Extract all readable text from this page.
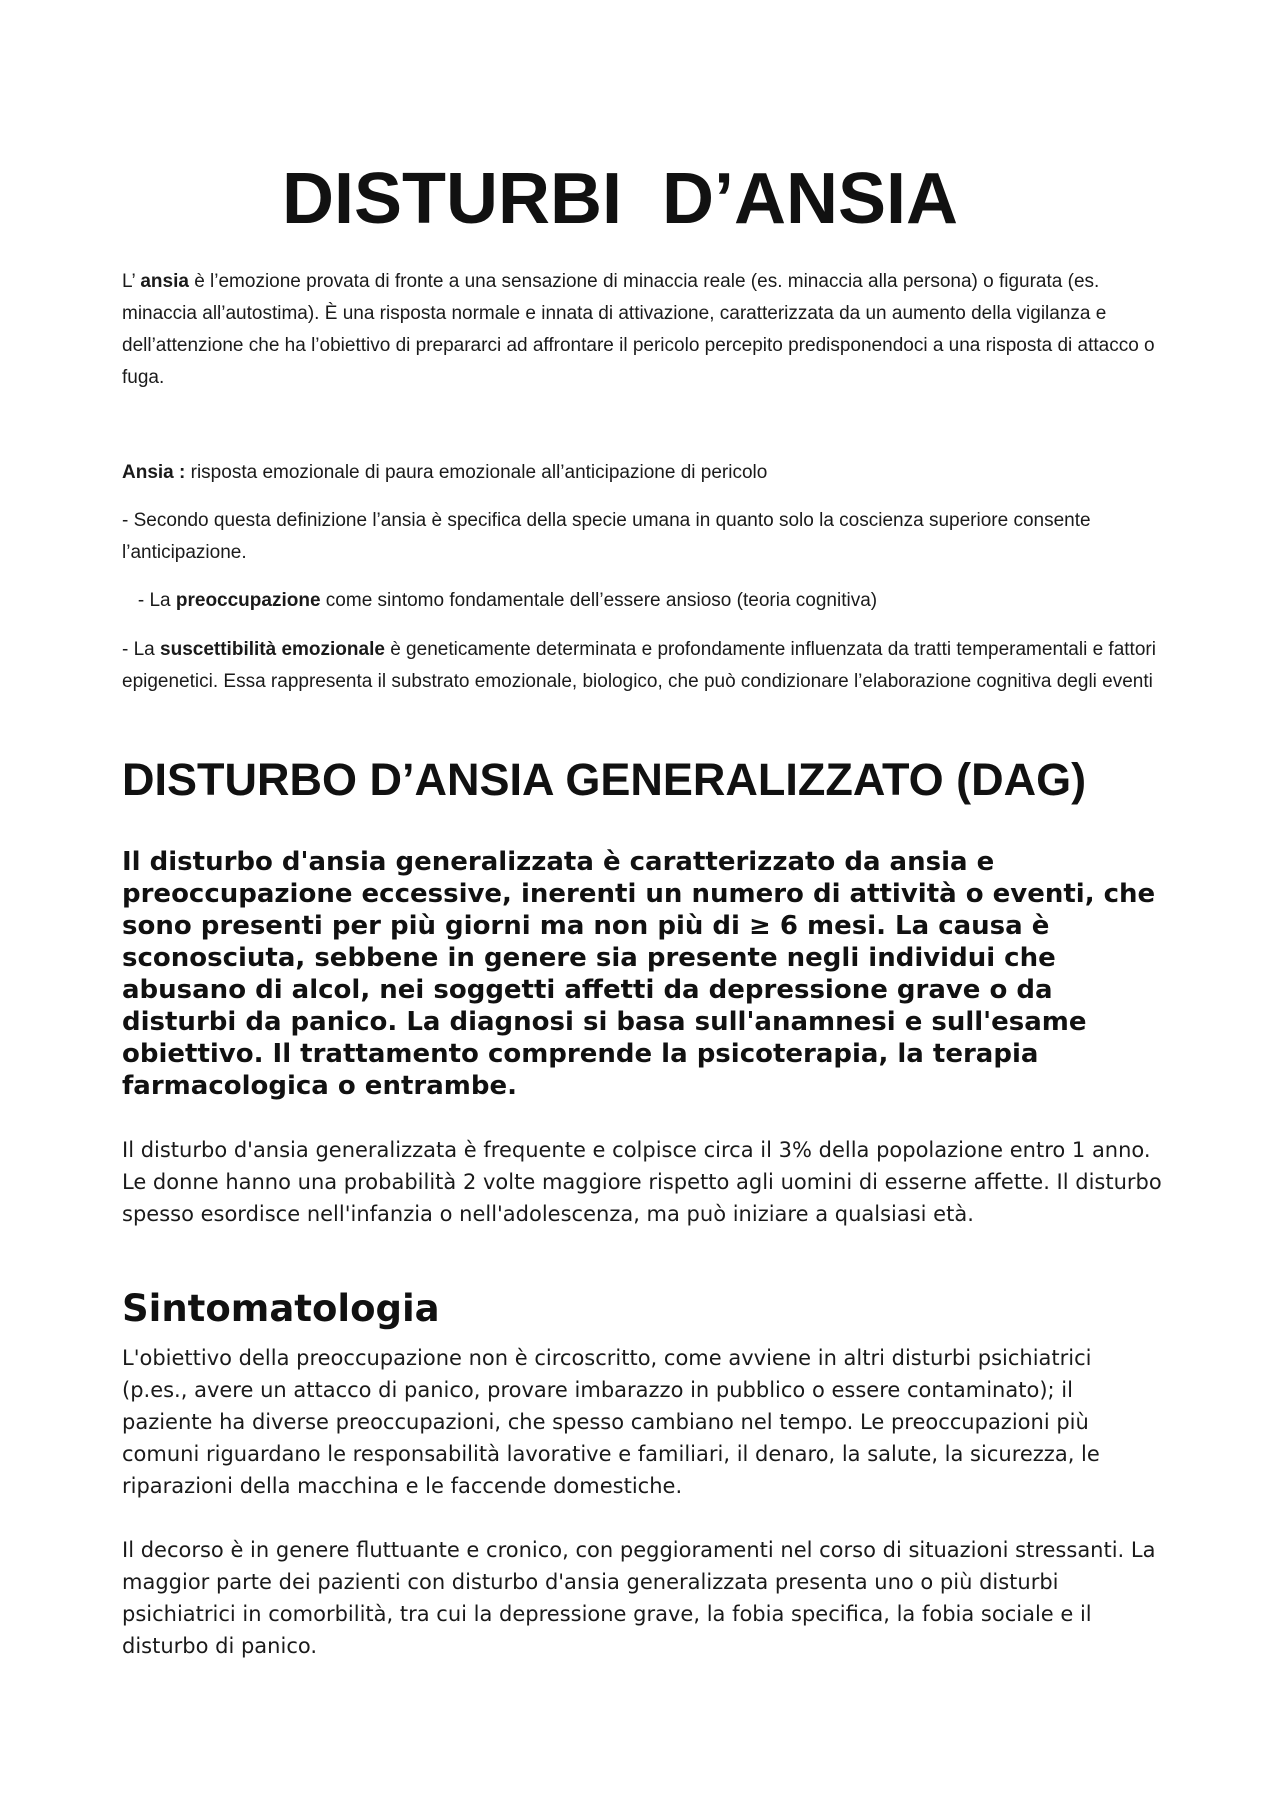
DISTURBI  D’ANSIA

L’ ansia è l’emozione provata di fronte a una sensazione di minaccia reale (es. minaccia alla persona) o figurata (es. minaccia all’autostima). È una risposta normale e innata di attivazione, caratterizzata da un aumento della vigilanza e dell’attenzione che ha l’obiettivo di prepararci ad affrontare il pericolo percepito predisponendoci a una risposta di attacco o fuga.

Ansia : risposta emozionale di paura emozionale all’anticipazione di pericolo

- Secondo questa definizione l’ansia è specifica della specie umana in quanto solo la coscienza superiore consente l’anticipazione.

- La preoccupazione come sintomo fondamentale dell’essere ansioso (teoria cognitiva)

- La suscettibilità emozionale è geneticamente determinata e profondamente influenzata da tratti temperamentali e fattori epigenetici. Essa rappresenta il substrato emozionale, biologico, che può condizionare l’elaborazione cognitiva degli eventi

DISTURBO D’ANSIA GENERALIZZATO (DAG)

Il disturbo d'ansia generalizzata è caratterizzato da ansia e preoccupazione eccessive, inerenti un numero di attività o eventi, che sono presenti per più giorni ma non più di ≥ 6 mesi. La causa è sconosciuta, sebbene in genere sia presente negli individui che abusano di alcol, nei soggetti affetti da depressione grave o da disturbi da panico. La diagnosi si basa sull'anamnesi e sull'esame obiettivo. Il trattamento comprende la psicoterapia, la terapia farmacologica o entrambe.

Il disturbo d'ansia generalizzata è frequente e colpisce circa il 3% della popolazione entro 1 anno. Le donne hanno una probabilità 2 volte maggiore rispetto agli uomini di esserne affette. Il disturbo spesso esordisce nell'infanzia o nell'adolescenza, ma può iniziare a qualsiasi età.

Sintomatologia

L'obiettivo della preoccupazione non è circoscritto, come avviene in altri disturbi psichiatrici (p.es., avere un attacco di panico, provare imbarazzo in pubblico o essere contaminato); il paziente ha diverse preoccupazioni, che spesso cambiano nel tempo. Le preoccupazioni più comuni riguardano le responsabilità lavorative e familiari, il denaro, la salute, la sicurezza, le riparazioni della macchina e le faccende domestiche.

Il decorso è in genere fluttuante e cronico, con peggioramenti nel corso di situazioni stressanti. La maggior parte dei pazienti con disturbo d'ansia generalizzata presenta uno o più disturbi psichiatrici in comorbilità, tra cui la depressione grave, la fobia specifica, la fobia sociale e il disturbo di panico.
